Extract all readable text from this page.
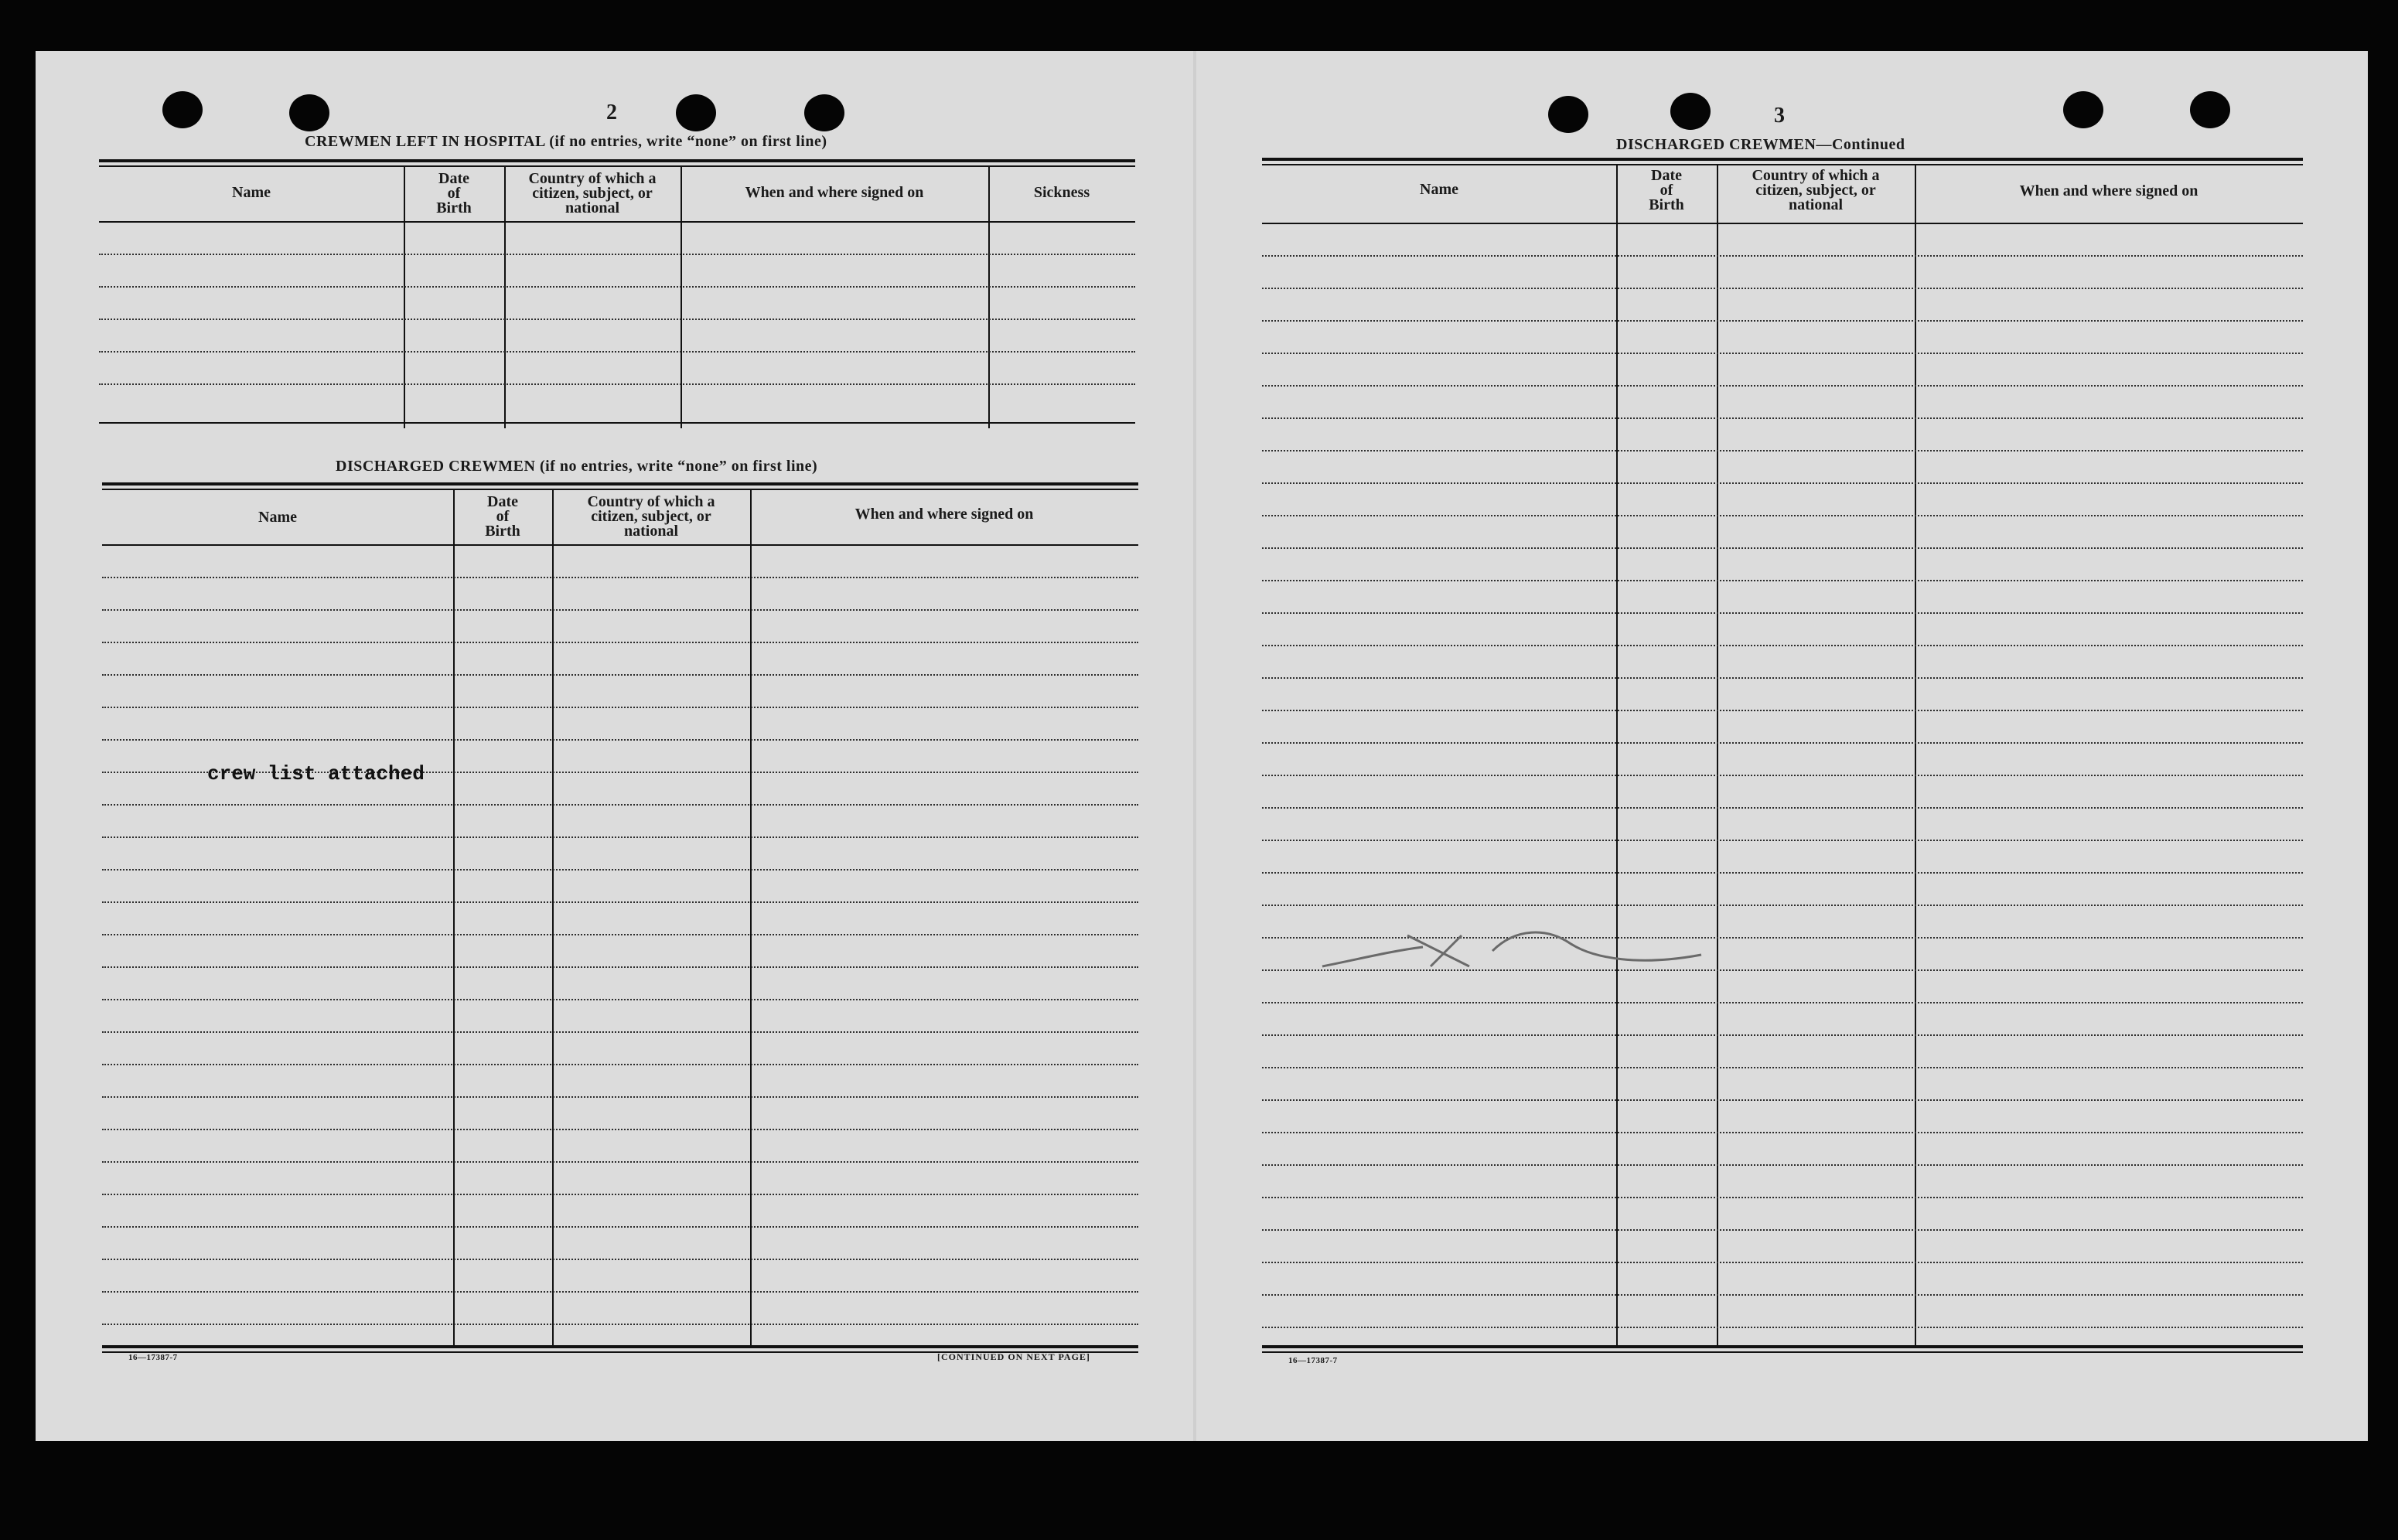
2
CREWMEN LEFT IN HOSPITAL (if no entries, write “none” on first line)
Name
Date
of
Birth
Country of which a
citizen, subject, or
national
When and where signed on	Sickness
DISCHARGED CREWMEN (if no entries, write “none” on first line)
Name
Date
of
Birth
Country of which a
citizen, subject, or
national
When and where signed on
crew list attached
16—17387-7	[CONTINUED ON NEXT PAGE]
3
DISCHARGED CREWMEN—Continued
Name
Date
of
Birth
Country of which a
citizen, subject, or
national
When and where signed on
16—17387-7
